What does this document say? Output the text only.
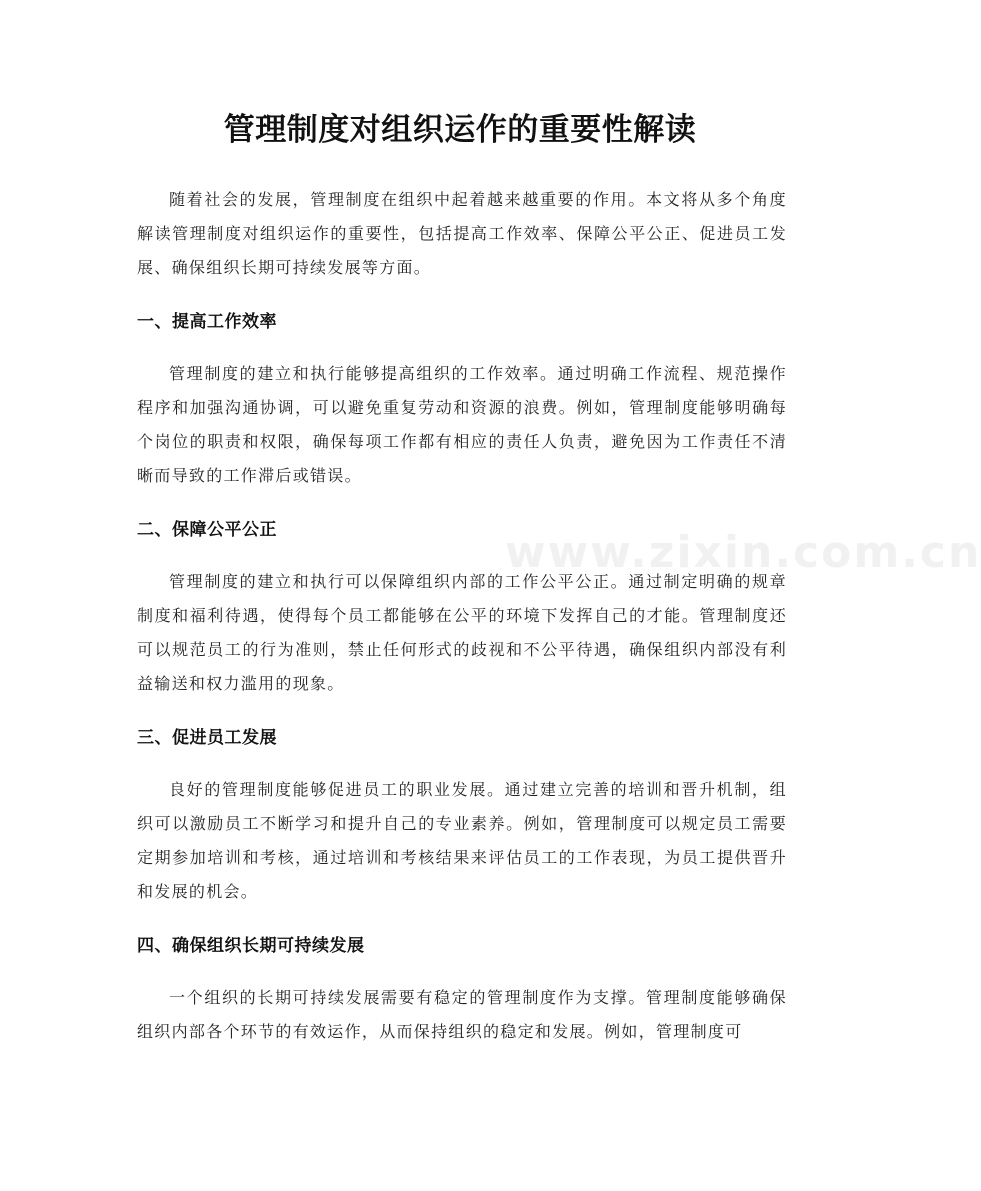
管理制度对组织运作的重要性解读

随着社会的发展，管理制度在组织中起着越来越重要的作用。本文将从多个角度解读管理制度对组织运作的重要性，包括提高工作效率、保障公平公正、促进员工发展、确保组织长期可持续发展等方面。

一、提高工作效率

管理制度的建立和执行能够提高组织的工作效率。通过明确工作流程、规范操作程序和加强沟通协调，可以避免重复劳动和资源的浪费。例如，管理制度能够明确每个岗位的职责和权限，确保每项工作都有相应的责任人负责，避免因为工作责任不清晰而导致的工作滞后或错误。

二、保障公平公正

管理制度的建立和执行可以保障组织内部的工作公平公正。通过制定明确的规章制度和福利待遇，使得每个员工都能够在公平的环境下发挥自己的才能。管理制度还可以规范员工的行为准则，禁止任何形式的歧视和不公平待遇，确保组织内部没有利益输送和权力滥用的现象。

三、促进员工发展

良好的管理制度能够促进员工的职业发展。通过建立完善的培训和晋升机制，组织可以激励员工不断学习和提升自己的专业素养。例如，管理制度可以规定员工需要定期参加培训和考核，通过培训和考核结果来评估员工的工作表现，为员工提供晋升和发展的机会。

四、确保组织长期可持续发展

一个组织的长期可持续发展需要有稳定的管理制度作为支撑。管理制度能够确保组织内部各个环节的有效运作，从而保持组织的稳定和发展。例如，管理制度可

www.zixin.com.cn
